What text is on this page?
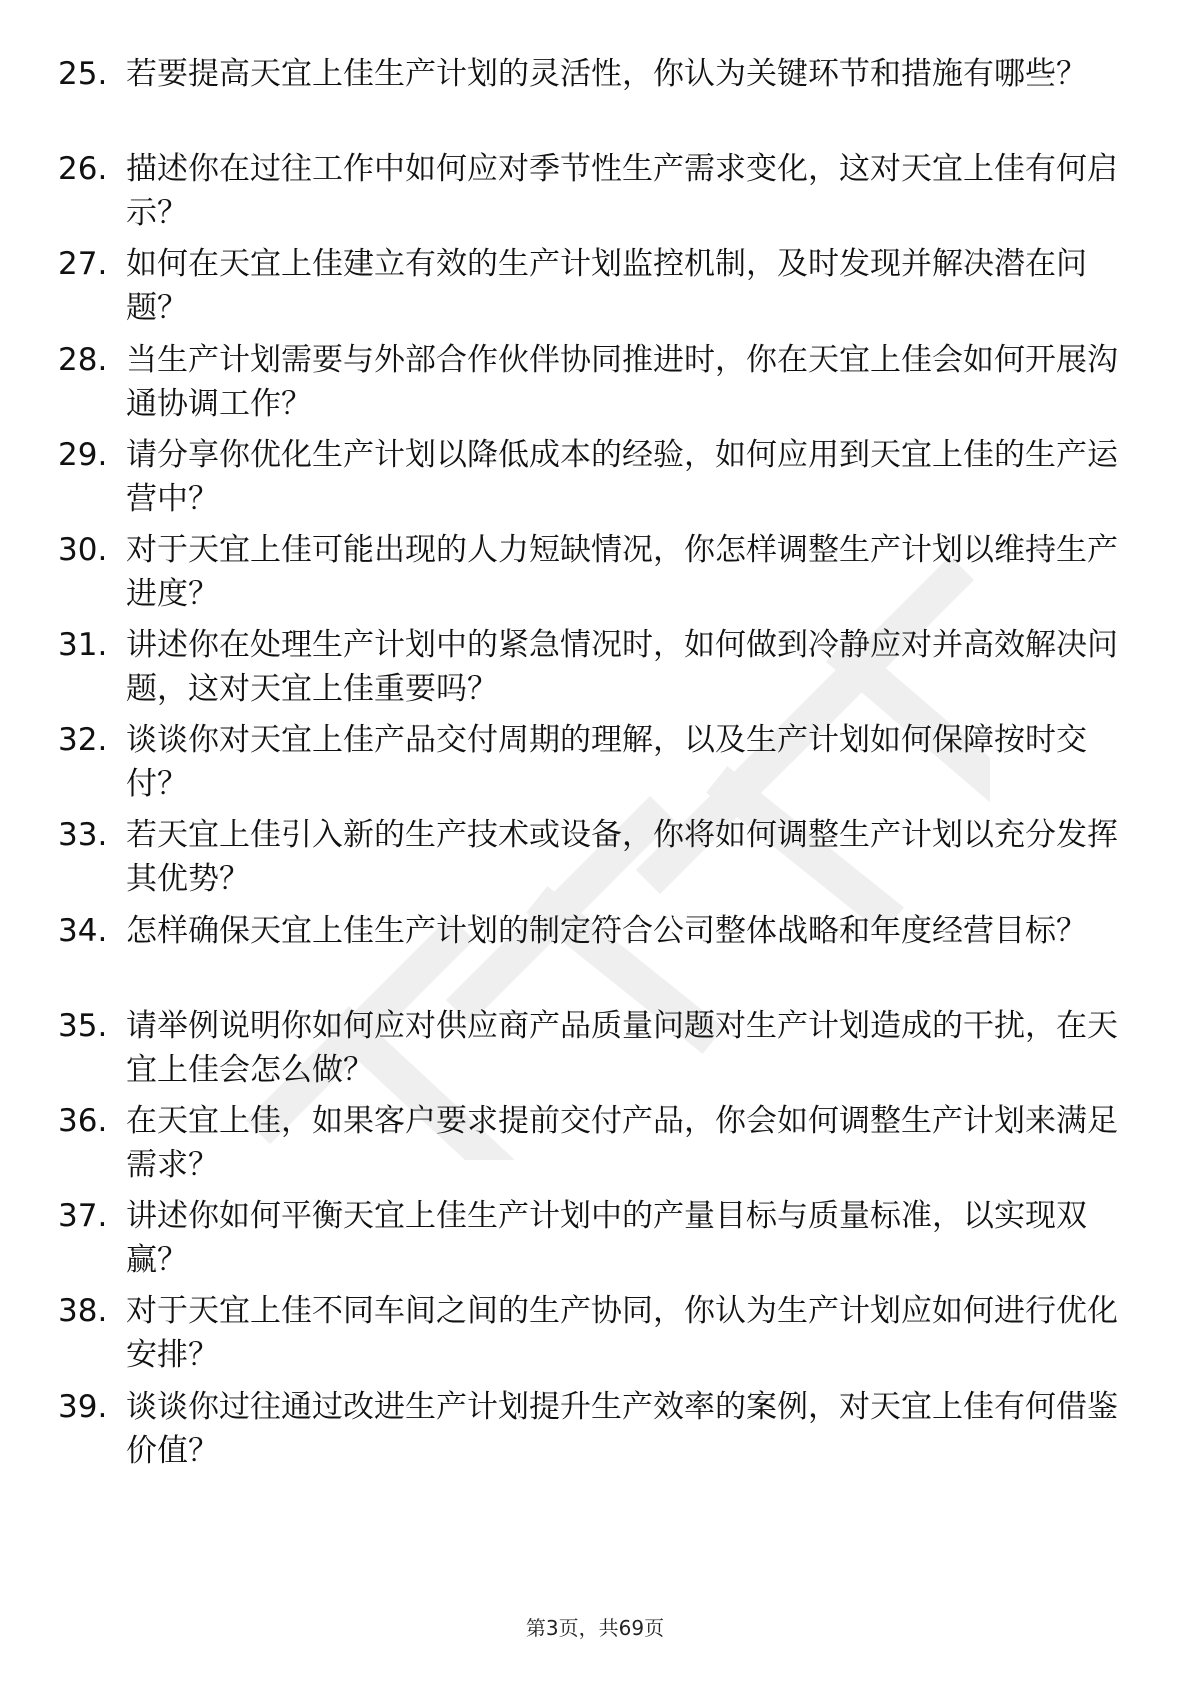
25. 若要提高天宜上佳生产计划的灵活性，你认为关键环节和措施有哪些？
26. 描述你在过往工作中如何应对季节性生产需求变化，这对天宜上佳有何启示？
27. 如何在天宜上佳建立有效的生产计划监控机制，及时发现并解决潜在问题？
28. 当生产计划需要与外部合作伙伴协同推进时，你在天宜上佳会如何开展沟通协调工作？
29. 请分享你优化生产计划以降低成本的经验，如何应用到天宜上佳的生产运营中？
30. 对于天宜上佳可能出现的人力短缺情况，你怎样调整生产计划以维持生产进度？
31. 讲述你在处理生产计划中的紧急情况时，如何做到冷静应对并高效解决问题，这对天宜上佳重要吗？
32. 谈谈你对天宜上佳产品交付周期的理解，以及生产计划如何保障按时交付？
33. 若天宜上佳引入新的生产技术或设备，你将如何调整生产计划以充分发挥其优势？
34. 怎样确保天宜上佳生产计划的制定符合公司整体战略和年度经营目标？
35. 请举例说明你如何应对供应商产品质量问题对生产计划造成的干扰，在天宜上佳会怎么做？
36. 在天宜上佳，如果客户要求提前交付产品，你会如何调整生产计划来满足需求？
37. 讲述你如何平衡天宜上佳生产计划中的产量目标与质量标准，以实现双赢？
38. 对于天宜上佳不同车间之间的生产协同，你认为生产计划应如何进行优化安排？
39. 谈谈你过往通过改进生产计划提升生产效率的案例，对天宜上佳有何借鉴价值？
第3页，共69页
